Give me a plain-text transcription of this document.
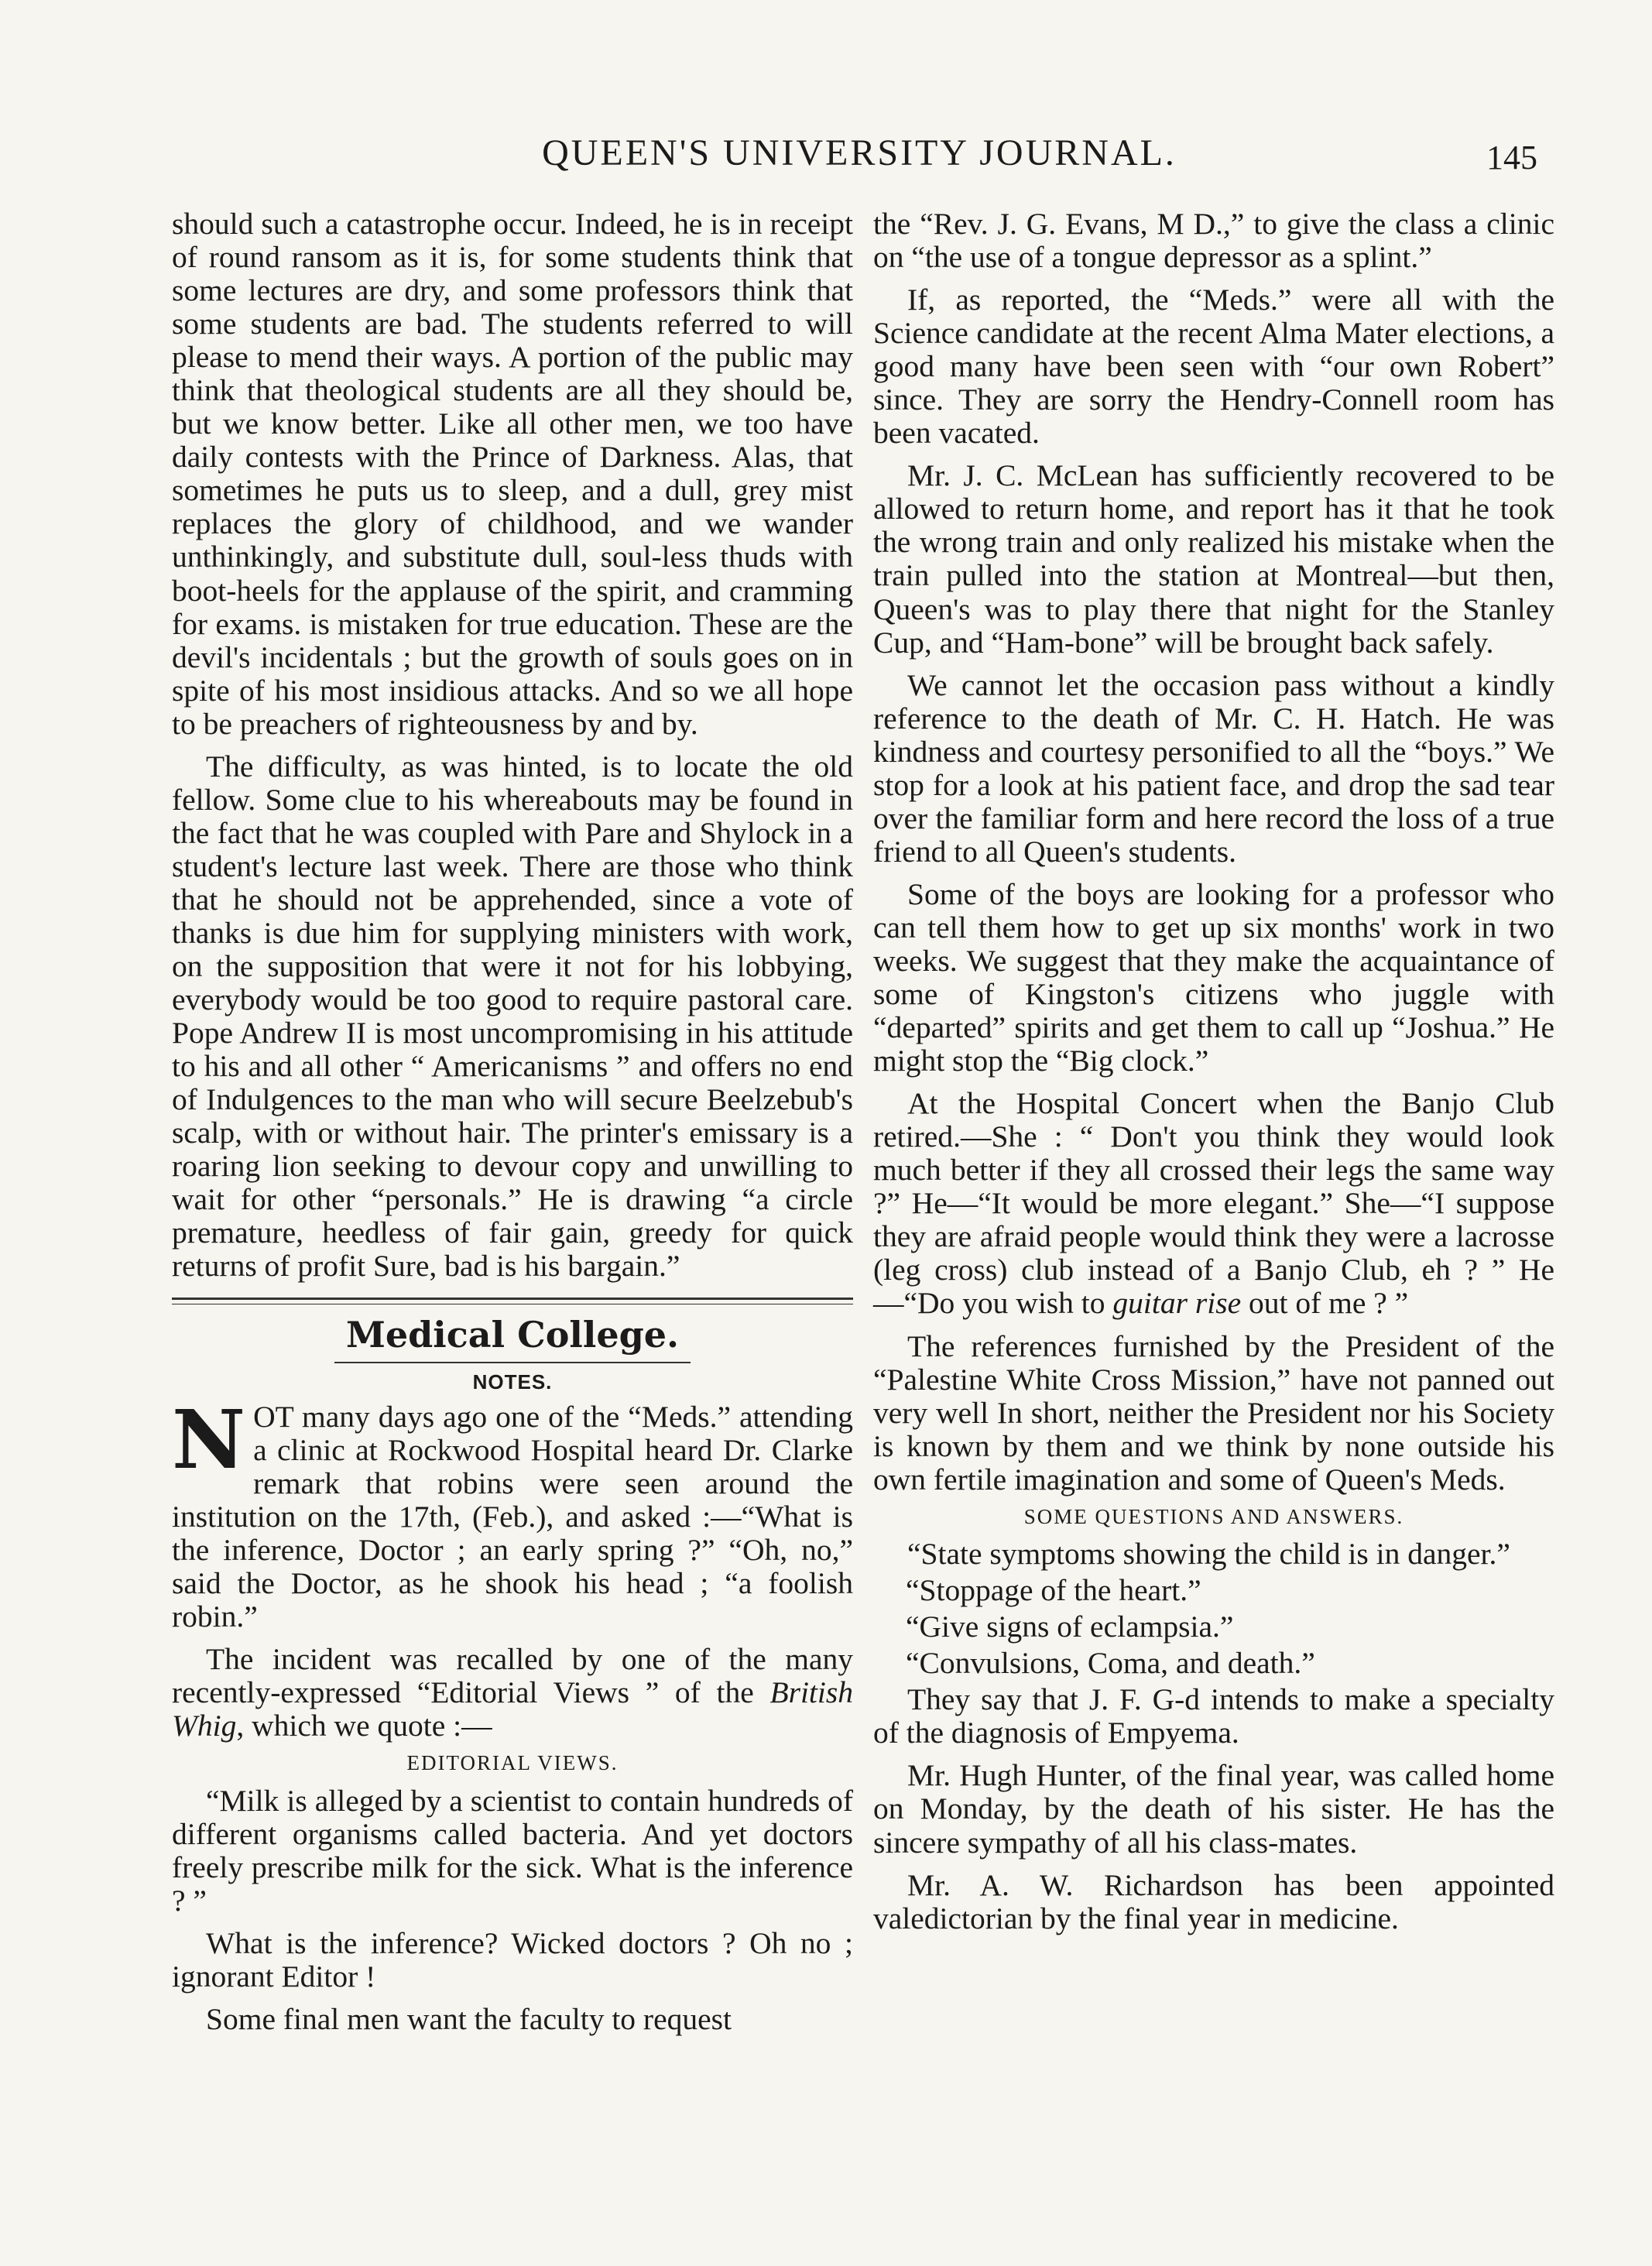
QUEEN'S UNIVERSITY JOURNAL.	145

should such a catastrophe occur. Indeed, he is in receipt of round ransom as it is, for some students think that some lectures are dry, and some professors think that some students are bad. The students referred to will please to mend their ways. A portion of the public may think that theological students are all they should be, but we know better. Like all other men, we too have daily contests with the Prince of Darkness. Alas, that sometimes he puts us to sleep, and a dull, grey mist replaces the glory of childhood, and we wander unthinkingly, and substitute dull, soul-less thuds with boot-heels for the applause of the spirit, and cramming for exams. is mistaken for true education. These are the devil's incidentals ; but the growth of souls goes on in spite of his most insidious attacks. And so we all hope to be preachers of righteousness by and by.

The difficulty, as was hinted, is to locate the old fellow. Some clue to his whereabouts may be found in the fact that he was coupled with Pare and Shylock in a student's lecture last week. There are those who think that he should not be apprehended, since a vote of thanks is due him for supplying ministers with work, on the supposition that were it not for his lobbying, everybody would be too good to require pastoral care. Pope Andrew II is most uncompromising in his attitude to his and all other “ Americanisms ” and offers no end of Indulgences to the man who will secure Beelzebub's scalp, with or without hair. The printer's emissary is a roaring lion seeking to devour copy and unwilling to wait for other “personals.” He is drawing “a circle premature, heedless of fair gain, greedy for quick returns of profit Sure, bad is his bargain.”

Medical College.
NOTES.

NOT many days ago one of the “Meds.” attending a clinic at Rockwood Hospital heard Dr. Clarke remark that robins were seen around the institution on the 17th, (Feb.), and asked :—“What is the inference, Doctor ; an early spring ?” “Oh, no,” said the Doctor, as he shook his head ; “a foolish robin.”

The incident was recalled by one of the many recently-expressed “Editorial Views ” of the British Whig, which we quote :—

EDITORIAL VIEWS.

“Milk is alleged by a scientist to contain hundreds of different organisms called bacteria. And yet doctors freely prescribe milk for the sick. What is the inference ? ”

What is the inference? Wicked doctors ? Oh no ; ignorant Editor !

Some final men want the faculty to request

the “Rev. J. G. Evans, M D.,” to give the class a clinic on “the use of a tongue depressor as a splint.”

If, as reported, the “Meds.” were all with the Science candidate at the recent Alma Mater elections, a good many have been seen with “our own Robert” since. They are sorry the Hendry-Connell room has been vacated.

Mr. J. C. McLean has sufficiently recovered to be allowed to return home, and report has it that he took the wrong train and only realized his mistake when the train pulled into the station at Montreal—but then, Queen's was to play there that night for the Stanley Cup, and “Ham-bone” will be brought back safely.

We cannot let the occasion pass without a kindly reference to the death of Mr. C. H. Hatch. He was kindness and courtesy personified to all the “boys.” We stop for a look at his patient face, and drop the sad tear over the familiar form and here record the loss of a true friend to all Queen's students.

Some of the boys are looking for a professor who can tell them how to get up six months' work in two weeks. We suggest that they make the acquaintance of some of Kingston's citizens who juggle with “departed” spirits and get them to call up “Joshua.” He might stop the “Big clock.”

At the Hospital Concert when the Banjo Club retired.—She : “ Don't you think they would look much better if they all crossed their legs the same way ?” He—“It would be more elegant.” She—“I suppose they are afraid people would think they were a lacrosse (leg cross) club instead of a Banjo Club, eh ? ” He—“Do you wish to guitar rise out of me ? ”

The references furnished by the President of the “Palestine White Cross Mission,” have not panned out very well In short, neither the President nor his Society is known by them and we think by none outside his own fertile imagination and some of Queen's Meds.

SOME QUESTIONS AND ANSWERS.

“State symptoms showing the child is in danger.”

“Stoppage of the heart.”

“Give signs of eclampsia.”

“Convulsions, Coma, and death.”

They say that J. F. G-d intends to make a specialty of the diagnosis of Empyema.

Mr. Hugh Hunter, of the final year, was called home on Monday, by the death of his sister. He has the sincere sympathy of all his class-mates.

Mr. A. W. Richardson has been appointed valedictorian by the final year in medicine.
